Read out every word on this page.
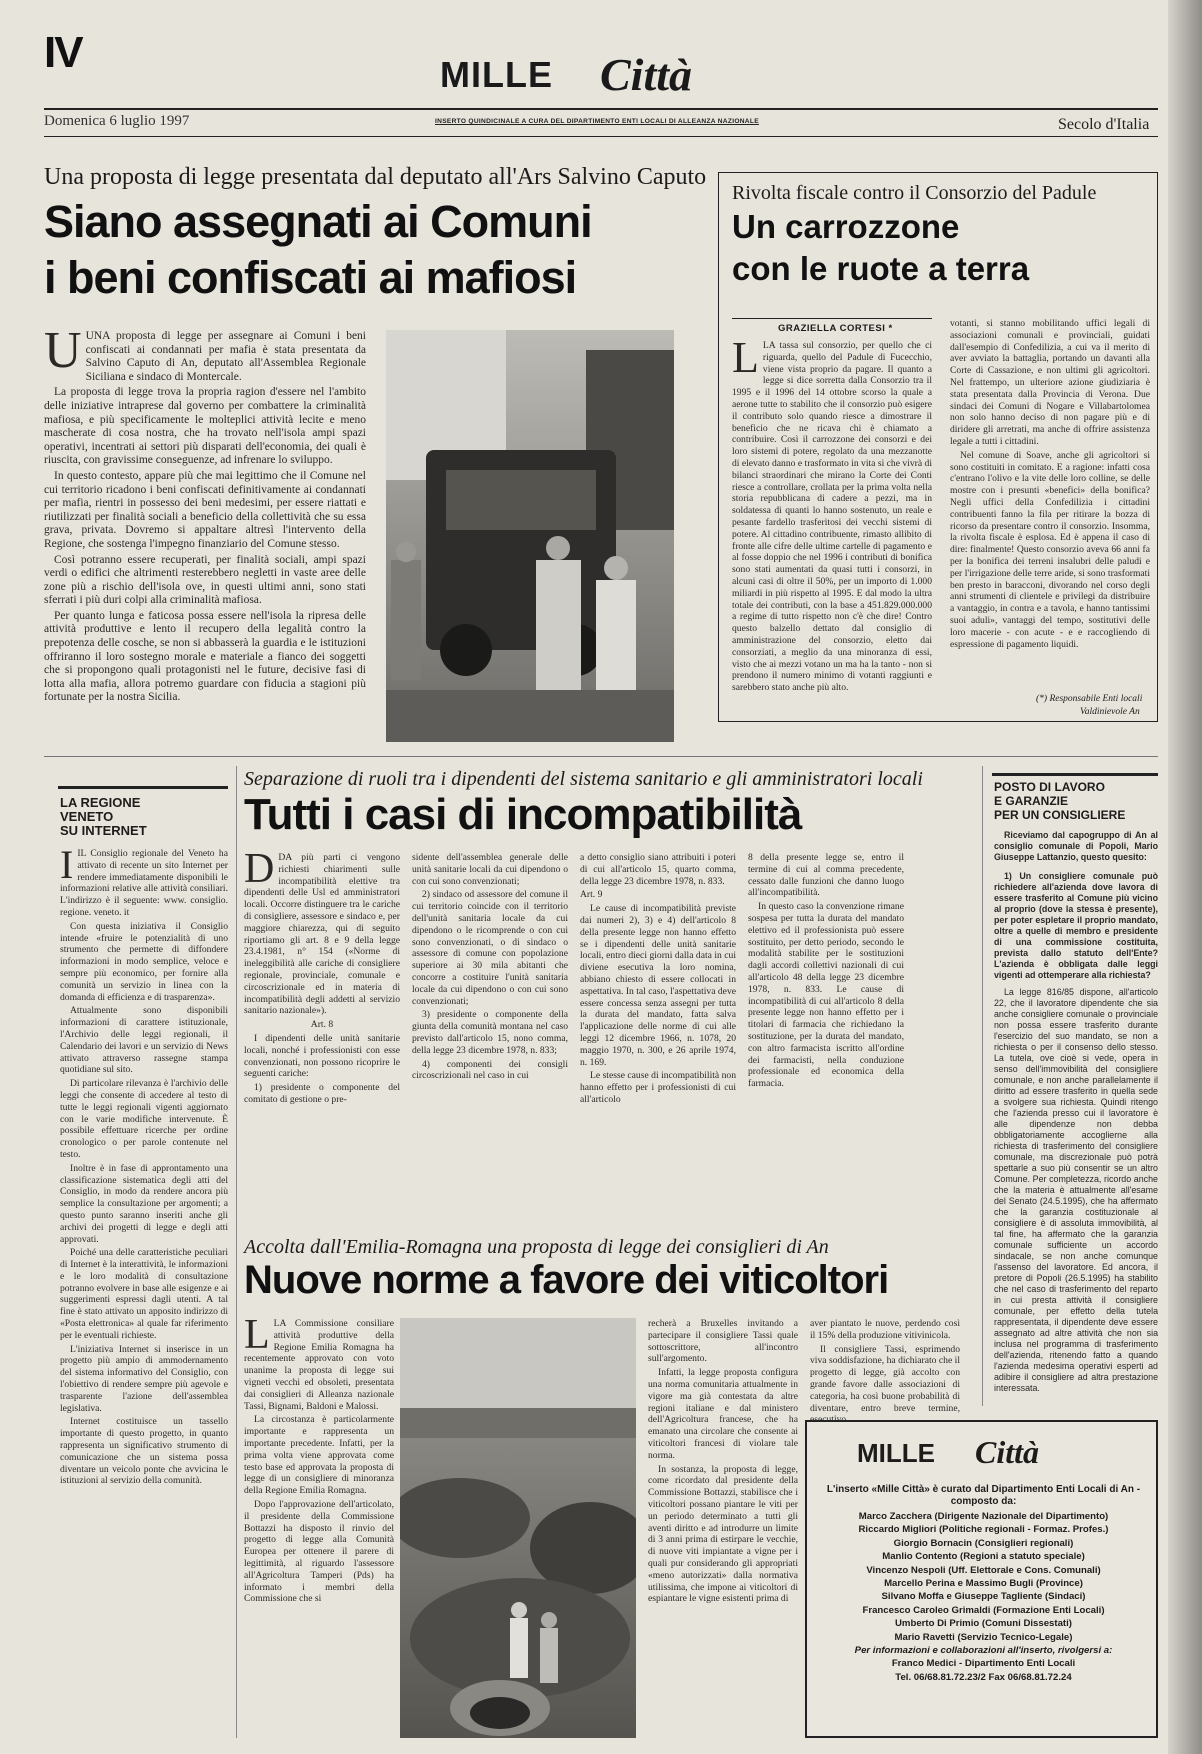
IV	MILLE Città
Domenica 6 luglio 1997	INSERTO QUINDICINALE A CURA DEL DIPARTIMENTO ENTI LOCALI DI ALLEANZA NAZIONALE	Secolo d'Italia
Una proposta di legge presentata dal deputato all'Ars Salvino Caputo
Siano assegnati ai Comuni
i beni confiscati ai mafiosi

UUNA proposta di legge per assegnare ai Comuni i beni confiscati ai condannati per mafia è stata presentata da Salvino Caputo di An, deputato all'Assemblea Regionale Siciliana e sindaco di Montercale.

La proposta di legge trova la propria ragion d'essere nel l'ambito delle iniziative intraprese dal governo per combattere la criminalità mafiosa, e più specificamente le molteplici attività lecite e meno mascherate di cosa nostra, che ha trovato nell'isola ampi spazi operativi, incentrati ai settori più disparati dell'economia, dei quali è riuscita, con gravissime conseguenze, ad infrenare lo sviluppo.

In questo contesto, appare più che mai legittimo che il Comune nel cui territorio ricadono i beni confiscati definitivamente ai condannati per mafia, rientri in possesso dei beni medesimi, per essere riattati e riutilizzati per finalità sociali a beneficio della collettività che su essa grava, privata. Dovremo si appaltare altresì l'intervento della Regione, che sostenga l'impegno finanziario del Comune stesso.

Così potranno essere recuperati, per finalità sociali, ampi spazi verdi o edifici che altrimenti resterebbero negletti in vaste aree delle zone più a rischio dell'isola ove, in questi ultimi anni, sono stati sferrati i più duri colpi alla criminalità mafiosa.

Per quanto lunga e faticosa possa essere nell'isola la ripresa delle attività produttive e lento il recupero della legalità contro la prepotenza delle cosche, se non si abbasserà la guardia e le istituzioni offriranno il loro sostegno morale e materiale a fianco dei soggetti che si propongono quali protagonisti nel le future, decisive fasi di lotta alla mafia, allora potremo guardare con fiducia a stagioni più fortunate per la nostra Sicilia.

Rivolta fiscale contro il Consorzio del Padule
Un carrozzone
con le ruote a terra
GRAZIELLA CORTESI *

LLA tassa sul consorzio, per quello che ci riguarda, quello del Padule di Fucecchio, viene vista proprio da pagare. Il quanto a legge si dice sorretta dalla Consorzio tra il 1995 e il 1996 del 14 ottobre scorso la quale a aerone tutte to stabilito che il consorzio può esigere il contributo solo quando riesce a dimostrare il beneficio che ne ricava chi è chiamato a contribuire. Così il carrozzone dei consorzi e dei loro sistemi di potere, regolato da una mezzanotte di elevato danno e trasformato in vita si che vivrà di bilanci straordinari che mirano la Corte dei Conti riesce a controllare, crollata per la prima volta nella storia repubblicana di cadere a pezzi, ma in soldatessa di quanti lo hanno sostenuto, un reale e pesante fardello trasferitosi dei vecchi sistemi di potere. Al cittadino contribuente, rimasto allibito di fronte alle cifre delle ultime cartelle di pagamento e al fosse doppio che nel 1996 i contributi di bonifica sono stati aumentati da quasi tutti i consorzi, in alcuni casi di oltre il 50%, per un importo di 1.000 miliardi in più rispetto al 1995. E dal modo la ultra totale dei contributi, con la base a 451.829.000.000 a regime di tutto rispetto non c'è che dire! Contro questo balzello dettato dal consiglio di amministrazione del consorzio, eletto dai consorziati, a meglio da una minoranza di essi, visto che ai mezzi votano un ma ha la tanto - non si prendono il numero minimo di votanti raggiunti e sarebbero stato anche più alto.

votanti, si stanno mobilitando uffici legali di associazioni comunali e provinciali, guidati dall'esempio di Confedilizia, a cui va il merito di aver avviato la battaglia, portando un davanti alla Corte di Cassazione, e non ultimi gli agricoltori. Nel frattempo, un ulteriore azione giudiziaria è stata presentata dalla Provincia di Verona. Due sindaci dei Comuni di Nogare e Villabartolomea non solo hanno deciso di non pagare più e di diridere gli arretrati, ma anche di offrire assistenza legale a tutti i cittadini.

Nel comune di Soave, anche gli agricoltori si sono costituiti in comitato. E a ragione: infatti cosa c'entrano l'olivo e la vite delle loro colline, se delle mostre con i presunti «benefici» della bonifica? Negli uffici della Confedilizia i cittadini contribuenti fanno la fila per ritirare la bozza di ricorso da presentare contro il consorzio. Insomma, la rivolta fiscale è esplosa. Ed è appena il caso di dire: finalmente! Questo consorzio aveva 66 anni fa per la bonifica dei terreni insalubri delle paludi e per l'irrigazione delle terre aride, si sono trasformati ben presto in baracconi, divorando nel corso degli anni strumenti di clientele e privilegi da distribuire a vantaggio, in contra e a tavola, e hanno tantissimi suoi aduli», vantaggi del tempo, sostitutivi delle loro macerie - con acute - e e raccogliendo di espressione di pagamento liquidi.

(*) Responsabile Enti locali
Valdinievole An
LA REGIONE
VENETO
SU INTERNET

IIL Consiglio regionale del Veneto ha attivato di recente un sito Internet per rendere immediatamente disponibili le informazioni relative alle attività consiliari. L'indirizzo è il seguente: www. consiglio. regione. veneto. it

Con questa iniziativa il Consiglio intende «fruire le potenzialità di uno strumento che permette di diffondere informazioni in modo semplice, veloce e sempre più economico, per fornire alla comunità un servizio in linea con la domanda di efficienza e di trasparenza».

Attualmente sono disponibili informazioni di carattere istituzionale, l'Archivio delle leggi regionali, il Calendario dei lavori e un servizio di News attivato attraverso rassegne stampa quotidiane sul sito.

Di particolare rilevanza è l'archivio delle leggi che consente di accedere al testo di tutte le leggi regionali vigenti aggiornato con le varie modifiche intervenute. È possibile effettuare ricerche per ordine cronologico o per parole contenute nel testo.

Inoltre è in fase di approntamento una classificazione sistematica degli atti del Consiglio, in modo da rendere ancora più semplice la consultazione per argomenti; a questo punto saranno inseriti anche gli archivi dei progetti di legge e degli atti approvati.

Poiché una delle caratteristiche peculiari di Internet è la interattività, le informazioni e le loro modalità di consultazione potranno evolvere in base alle esigenze e ai suggerimenti espressi dagli utenti. A tal fine è stato attivato un apposito indirizzo di «Posta elettronica» al quale far riferimento per le eventuali richieste.

L'iniziativa Internet si inserisce in un progetto più ampio di ammodernamento del sistema informativo del Consiglio, con l'obiettivo di rendere sempre più agevole e trasparente l'azione dell'assemblea legislativa.

Internet costituisce un tassello importante di questo progetto, in quanto rappresenta un significativo strumento di comunicazione che un sistema possa diventare un veicolo ponte che avvicina le istituzioni al servizio della comunità.

Separazione di ruoli tra i dipendenti del sistema sanitario e gli amministratori locali
Tutti i casi di incompatibilità

DDA più parti ci vengono richiesti chiarimenti sulle incompatibilità elettive tra dipendenti delle Usl ed amministratori locali. Occorre distinguere tra le cariche di consigliere, assessore e sindaco e, per maggiore chiarezza, qui di seguito riportiamo gli art. 8 e 9 della legge 23.4.1981, n° 154 («Norme di ineleggibilità alle cariche di consigliere regionale, provinciale, comunale e circoscrizionale ed in materia di incompatibilità degli addetti al servizio sanitario nazionale»).

Art. 8

I dipendenti delle unità sanitarie locali, nonché i professionisti con esse convenzionati, non possono ricoprire le seguenti cariche:

1) presidente o componente del comitato di gestione o pre-

sidente dell'assemblea generale delle unità sanitarie locali da cui dipendono o con cui sono convenzionati;

2) sindaco od assessore del comune il cui territorio coincide con il territorio dell'unità sanitaria locale da cui dipendono o le ricomprende o con cui sono convenzionati, o di sindaco o assessore di comune con popolazione superiore ai 30 mila abitanti che concorre a costituire l'unità sanitaria locale da cui dipendono o con cui sono convenzionati;

3) presidente o componente della giunta della comunità montana nel caso previsto dall'articolo 15, nono comma, della legge 23 dicembre 1978, n. 833;

4) componenti dei consigli circoscrizionali nel caso in cui

a detto consiglio siano attribuiti i poteri di cui all'articolo 15, quarto comma, della legge 23 dicembre 1978, n. 833.

Art. 9

Le cause di incompatibilità previste dai numeri 2), 3) e 4) dell'articolo 8 della presente legge non hanno effetto se i dipendenti delle unità sanitarie locali, entro dieci giorni dalla data in cui diviene esecutiva la loro nomina, abbiano chiesto di essere collocati in aspettativa. In tal caso, l'aspettativa deve essere concessa senza assegni per tutta la durata del mandato, fatta salva l'applicazione delle norme di cui alle leggi 12 dicembre 1966, n. 1078, 20 maggio 1970, n. 300, e 26 aprile 1974, n. 169.

Le stesse cause di incompatibilità non hanno effetto per i professionisti di cui all'articolo

8 della presente legge se, entro il termine di cui al comma precedente, cessato dalle funzioni che danno luogo all'incompatibilità.

In questo caso la convenzione rimane sospesa per tutta la durata del mandato elettivo ed il professionista può essere sostituito, per detto periodo, secondo le modalità stabilite per le sostituzioni dagli accordi collettivi nazionali di cui all'articolo 48 della legge 23 dicembre 1978, n. 833. Le cause di incompatibilità di cui all'articolo 8 della presente legge non hanno effetto per i titolari di farmacia che richiedano la sostituzione, per la durata del mandato, con altro farmacista iscritto all'ordine dei farmacisti, nella conduzione professionale ed economica della farmacia.

POSTO DI LAVORO
E GARANZIE
PER UN CONSIGLIERE

Riceviamo dal capogruppo di An al consiglio comunale di Popoli, Mario Giuseppe Lattanzio, questo quesito:

1) Un consigliere comunale può richiedere all'azienda dove lavora di essere trasferito al Comune più vicino al proprio (dove la stessa è presente), per poter espletare il proprio mandato, oltre a quelle di membro e presidente di una commissione costituita, prevista dallo statuto dell'Ente? L'azienda è obbligata dalle leggi vigenti ad ottemperare alla richiesta?

La legge 816/85 dispone, all'articolo 22, che il lavoratore dipendente che sia anche consigliere comunale o provinciale non possa essere trasferito durante l'esercizio del suo mandato, se non a richiesta o per il consenso dello stesso. La tutela, ove cioè si vede, opera in senso dell'immovibilità del consigliere comunale, e non anche parallelamente il diritto ad essere trasferito in quella sede a svolgere sua richiesta. Quindi ritengo che l'azienda presso cui il lavoratore è alle dipendenze non debba obbligatoriamente accoglierne alla richiesta di trasferimento del consigliere comunale, ma discrezionale può potrà spettarle a suo più consentir se un altro Comune. Per completezza, ricordo anche che la materia è attualmente all'esame del Senato (24.5.1995), che ha affermato che la garanzia costituzionale al consigliere è di assoluta immovibilità, al tal fine, ha affermato che la garanzia comunale sufficiente un accordo sindacale, se non anche comunque l'assenso del lavoratore. Ed ancora, il pretore di Popoli (26.5.1995) ha stabilito che nel caso di trasferimento del reparto in cui presta attività il consigliere comunale, per effetto della tutela rappresentata, il dipendente deve essere assegnato ad altre attività che non sia inclusa nel programma di trasferimento dell'azienda, ritenendo fatto a quando l'azienda medesima operativi esperti ad adibire il consigliere ad altra prestazione interessata.

Accolta dall'Emilia-Romagna una proposta di legge dei consiglieri di An
Nuove norme a favore dei viticoltori

LLA Commissione consiliare attività produttive della Regione Emilia Romagna ha recentemente approvato con voto unanime la proposta di legge sui vigneti vecchi ed obsoleti, presentata dai consiglieri di Alleanza nazionale Tassi, Bignami, Baldoni e Malossi.

La circostanza è particolarmente importante e rappresenta un importante precedente. Infatti, per la prima volta viene approvata come testo base ed approvata la proposta di legge di un consigliere di minoranza della Regione Emilia Romagna.

Dopo l'approvazione dell'articolato, il presidente della Commissione Bottazzi ha disposto il rinvio del progetto di legge alla Comunità Europea per ottenere il parere di legittimità, al riguardo l'assessore all'Agricoltura Tamperi (Pds) ha informato i membri della Commissione che si

recherà a Bruxelles invitando a partecipare il consigliere Tassi quale sottoscrittore, all'incontro sull'argomento.

Infatti, la legge proposta configura una norma comunitaria attualmente in vigore ma già contestata da altre regioni italiane e dal ministero dell'Agricoltura francese, che ha emanato una circolare che consente ai viticoltori francesi di violare tale norma.

In sostanza, la proposta di legge, come ricordato dal presidente della Commissione Bottazzi, stabilisce che i viticoltori possano piantare le viti per un periodo determinato a tutti gli aventi diritto e ad introdurre un limite di 3 anni prima di estirpare le vecchie, di nuove viti impiantate a vigne per i quali pur considerando gli appropriati «meno autorizzati» dalla normativa utilissima, che impone ai viticoltori di espiantare le vigne esistenti prima di

aver piantato le nuove, perdendo così il 15% della produzione vitivinicola.

Il consigliere Tassi, esprimendo viva soddisfazione, ha dichiarato che il progetto di legge, già accolto con grande favore dalle associazioni di categoria, ha così buone probabilità di diventare, entro breve termine,

MILLE Città
L'inserto «Mille Città» è curato dal Dipartimento Enti Locali di An - composto da:
Marco Zacchera (Dirigente Nazionale del Dipartimento)
Riccardo Migliori (Politiche regionali - Formaz. Profes.)
Giorgio Bornacin (Consiglieri regionali)
Manlio Contento (Regioni a statuto speciale)
Vincenzo Nespoli (Uff. Elettorale e Cons. Comunali)
Marcello Perina e Massimo Bugli (Province)
Silvano Moffa e Giuseppe Tagliente (Sindaci)
Francesco Caroleo Grimaldi (Formazione Enti Locali)
Umberto Di Primio (Comuni Dissestati)
Mario Ravetti (Servizio Tecnico-Legale)
Per informazioni e collaborazioni all'inserto, rivolgersi a:
Franco Medici - Dipartimento Enti Locali
Tel. 06/68.81.72.23/2 Fax 06/68.81.72.24
